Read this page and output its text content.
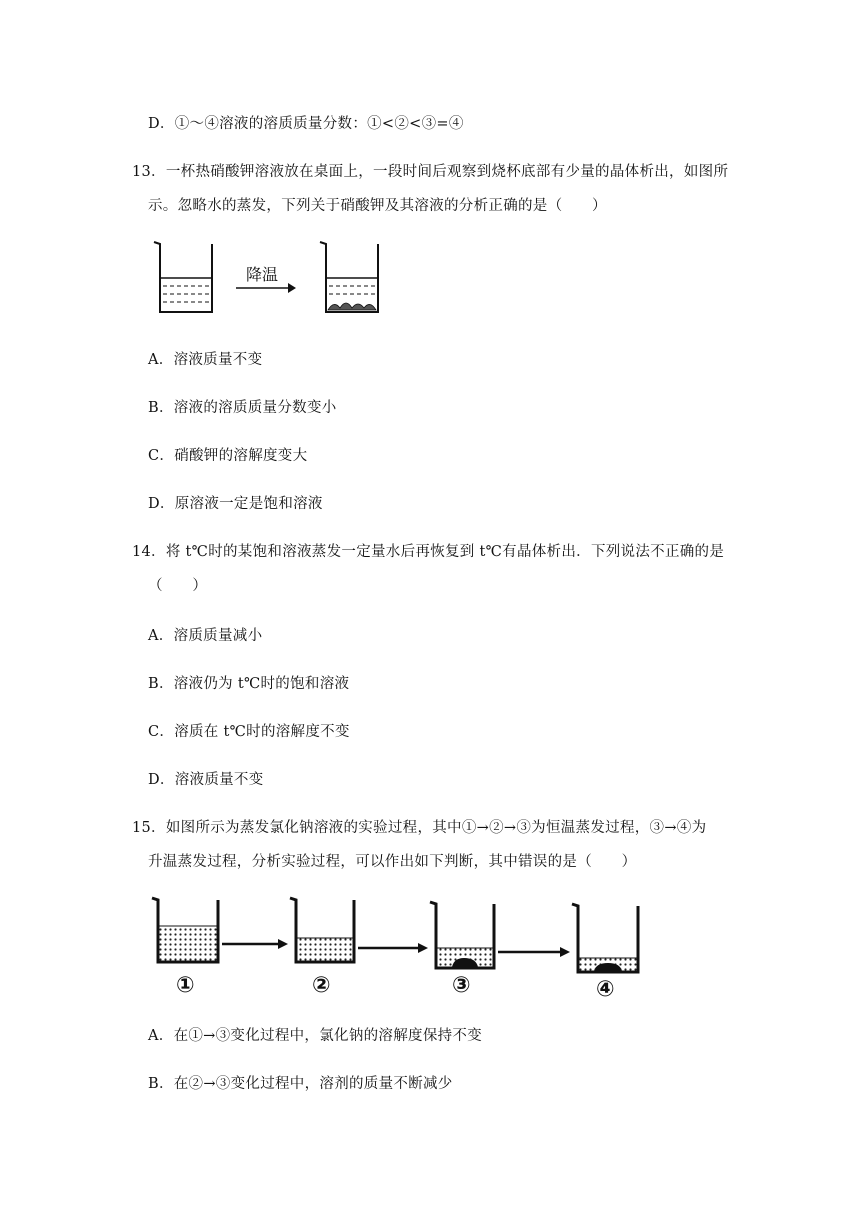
D．①～④溶液的溶质质量分数：①<②<③=④
13．一杯热硝酸钾溶液放在桌面上，一段时间后观察到烧杯底部有少量的晶体析出，如图所
示。忽略水的蒸发，下列关于硝酸钾及其溶液的分析正确的是（　　）
降温
A．溶液质量不变
B．溶液的溶质质量分数变小
C．硝酸钾的溶解度变大
D．原溶液一定是饱和溶液
14．将 t℃时的某饱和溶液蒸发一定量水后再恢复到 t℃有晶体析出．下列说法不正确的是
（　　）
A．溶质质量减小
B．溶液仍为 t℃时的饱和溶液
C．溶质在 t℃时的溶解度不变
D．溶液质量不变
15．如图所示为蒸发氯化钠溶液的实验过程，其中①→②→③为恒温蒸发过程，③→④为
升温蒸发过程，分析实验过程，可以作出如下判断，其中错误的是（　　）
①	②	③	④
A．在①→③变化过程中，氯化钠的溶解度保持不变
B．在②→③变化过程中，溶剂的质量不断减少
